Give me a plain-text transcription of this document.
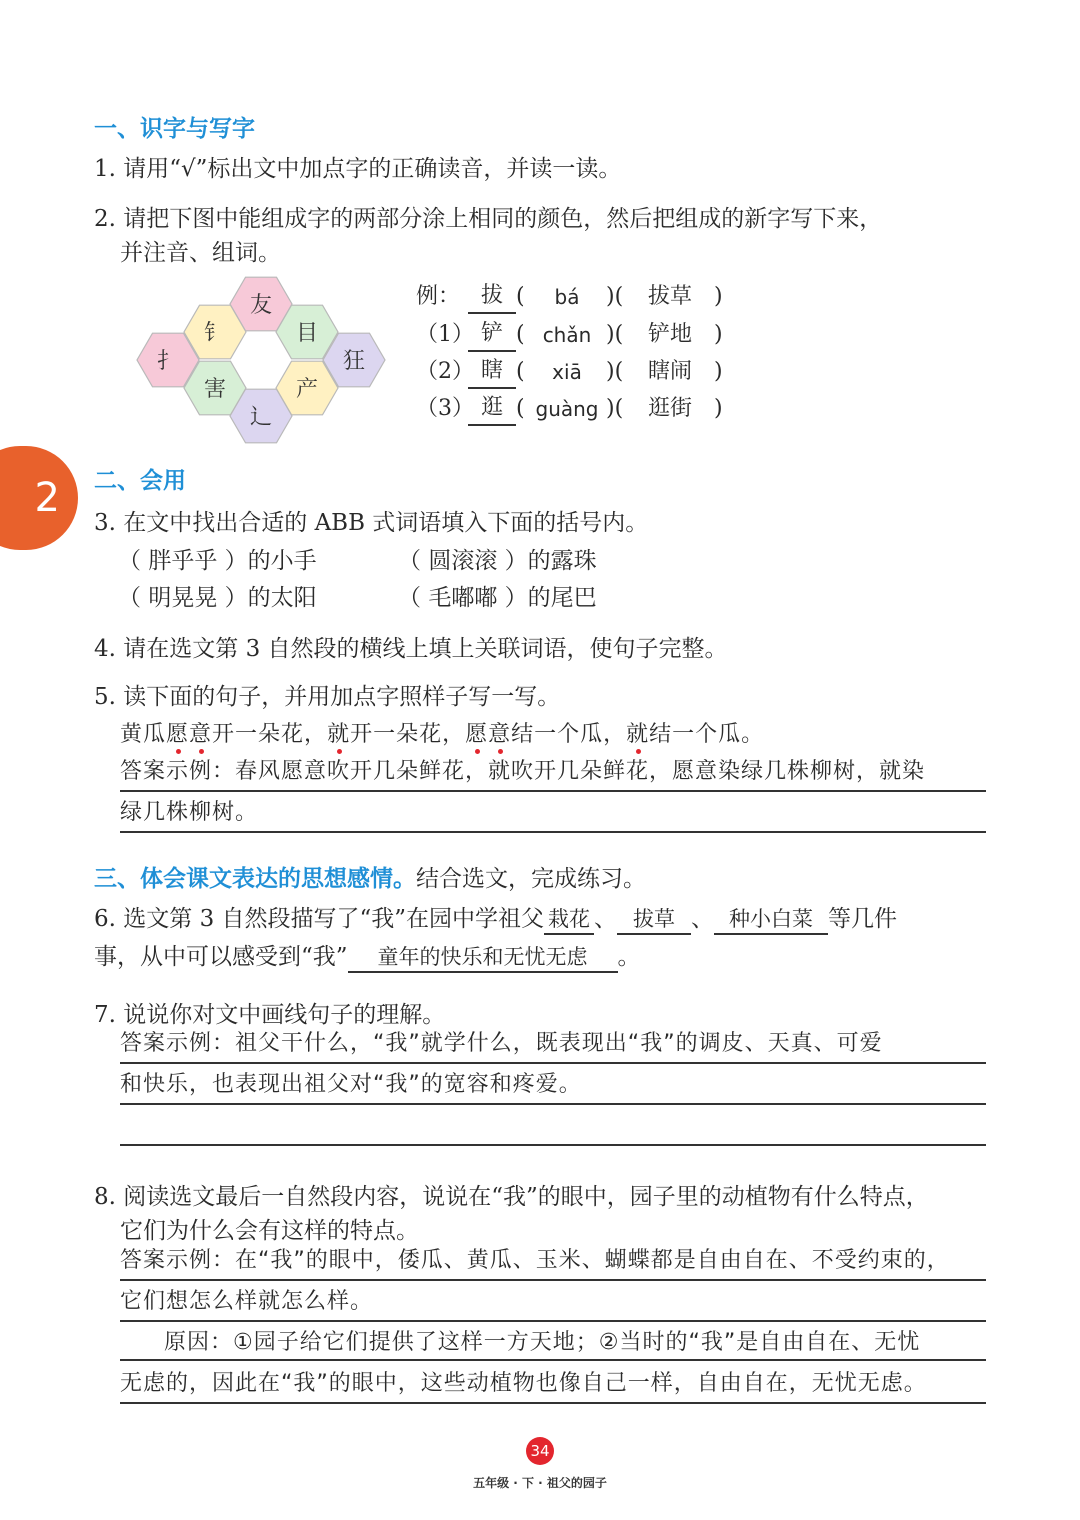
2
一、识字与写字
1. 请用“√”标出文中加点字的正确读音，并读一读。
2. 请把下图中能组成字的两部分涂上相同的颜色，然后把组成的新字写下来，
并注音、组词。
友
钅	目
扌	狂
害	产
辶
例： 拔 (	bá	)( 拔草 )
（1） 铲 ( chǎn )( 铲地 )
（2） 瞎 (	xiā	)( 瞎闹 )
（3） 逛 ( guàng )( 逛街 )
二、会用
3. 在文中找出合适的 ABB 式词语填入下面的括号内。
（ 胖乎乎 ）的小手	（ 圆滚滚 ）的露珠
（ 明晃晃 ）的太阳	（ 毛嘟嘟 ）的尾巴
4. 请在选文第 3 自然段的横线上填上关联词语，使句子完整。
5. 读下面的句子，并用加点字照样子写一写。
黄瓜愿意开一朵花，就开一朵花，愿意结一个瓜，就结一个瓜。
答案示例：春风愿意吹开几朵鲜花，就吹开几朵鲜花，愿意染绿几株柳树，就染
绿几株柳树。
三、体会课文表达的思想感情。结合选文，完成练习。
6. 选文第 3 自然段描写了“我”在园中学祖父 栽花 、 拔草 、 种小白菜 等几件
事，从中可以感受到“我” 童年的快乐和无忧无虑 。
7. 说说你对文中画线句子的理解。
答案示例：祖父干什么，“我”就学什么，既表现出“我”的调皮、天真、可爱
和快乐，也表现出祖父对“我”的宽容和疼爱。
8. 阅读选文最后一自然段内容，说说在“我”的眼中，园子里的动植物有什么特点，
它们为什么会有这样的特点。
答案示例：在“我”的眼中，倭瓜、黄瓜、玉米、蝴蝶都是自由自在、不受约束的，
它们想怎么样就怎么样。
原因：①园子给它们提供了这样一方天地；②当时的“我”是自由自在、无忧
无虑的，因此在“我”的眼中，这些动植物也像自己一样，自由自在，无忧无虑。
34
五年级 · 下 · 祖父的园子
